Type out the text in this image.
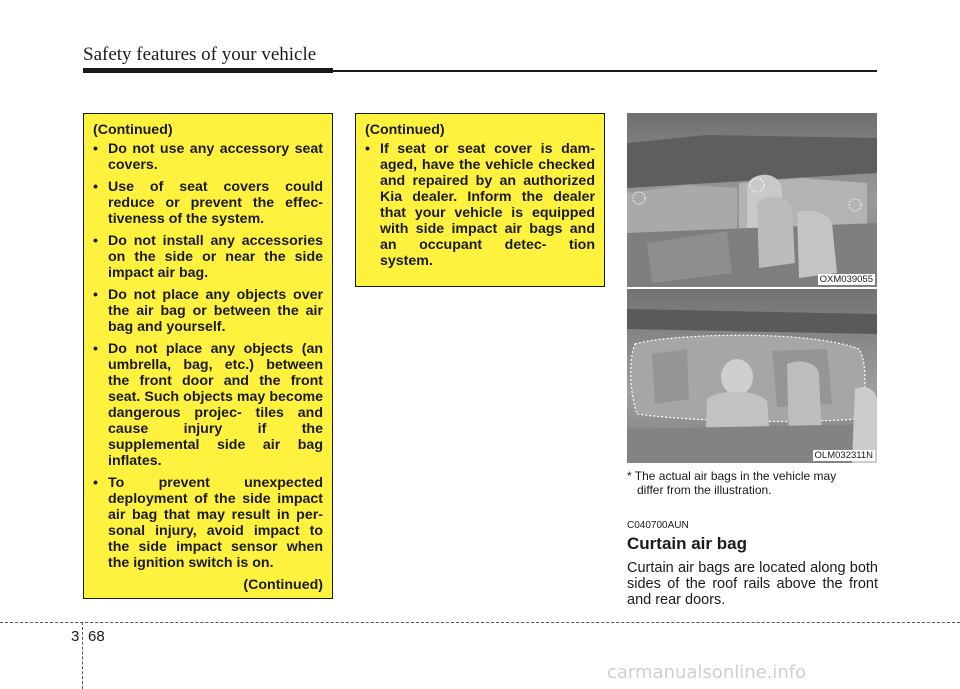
Safety features of your vehicle
(Continued)
• Do not use any accessory seat covers.
• Use of seat covers could reduce or prevent the effec- tiveness of the system.
• Do not install any accessories on the side or near the side impact air bag.
• Do not place any objects over the air bag or between the air bag and yourself.
• Do not place any objects (an umbrella, bag, etc.) between the front door and the front seat. Such objects may become dangerous projec- tiles and cause injury if the supplemental side air bag inflates.
• To prevent unexpected deployment of the side impact air bag that may result in per- sonal injury, avoid impact to the side impact sensor when the ignition switch is on.
(Continued)
(Continued)
• If seat or seat cover is dam- aged, have the vehicle checked and repaired by an authorized Kia dealer. Inform the dealer that your vehicle is equipped with side impact air bags and an occupant detec- tion system.
OXM039055
OLM032311N
* The actual air bags in the vehicle may
differ from the illustration.
C040700AUN
Curtain air bag
Curtain air bags are located along both sides of the roof rails above the front and rear doors.
3 68
carmanualsonline.info
